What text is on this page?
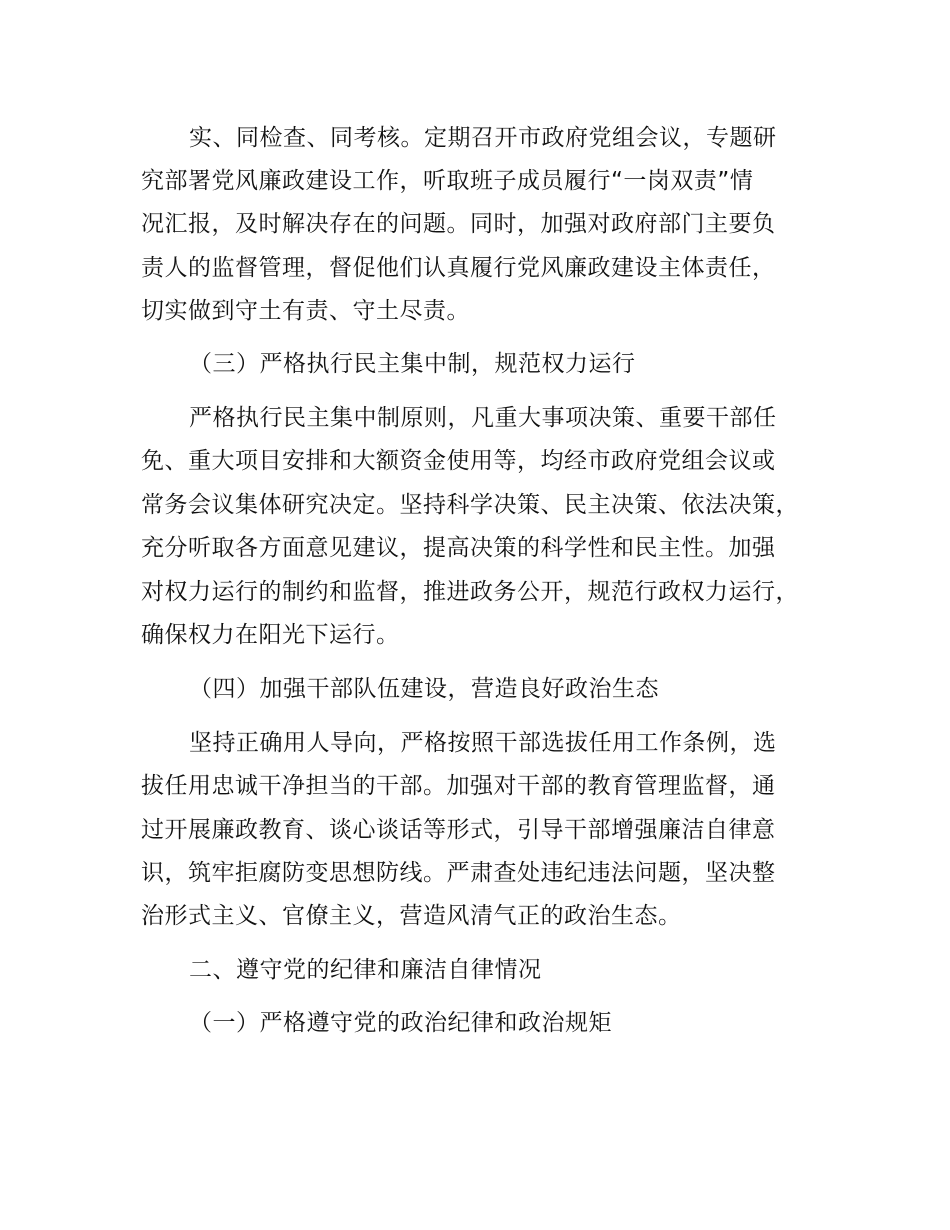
实、同检查、同考核。定期召开市政府党组会议，专题研
究部署党风廉政建设工作，听取班子成员履行“一岗双责”情
况汇报，及时解决存在的问题。同时，加强对政府部门主要负
责人的监督管理，督促他们认真履行党风廉政建设主体责任，
切实做到守土有责、守土尽责。
（三）严格执行民主集中制，规范权力运行
严格执行民主集中制原则，凡重大事项决策、重要干部任
免、重大项目安排和大额资金使用等，均经市政府党组会议或
常务会议集体研究决定。坚持科学决策、民主决策、依法决策，
充分听取各方面意见建议，提高决策的科学性和民主性。加强
对权力运行的制约和监督，推进政务公开，规范行政权力运行，
确保权力在阳光下运行。
（四）加强干部队伍建设，营造良好政治生态
坚持正确用人导向，严格按照干部选拔任用工作条例，选
拔任用忠诚干净担当的干部。加强对干部的教育管理监督，通
过开展廉政教育、谈心谈话等形式，引导干部增强廉洁自律意
识，筑牢拒腐防变思想防线。严肃查处违纪违法问题，坚决整
治形式主义、官僚主义，营造风清气正的政治生态。
二、遵守党的纪律和廉洁自律情况
（一）严格遵守党的政治纪律和政治规矩
